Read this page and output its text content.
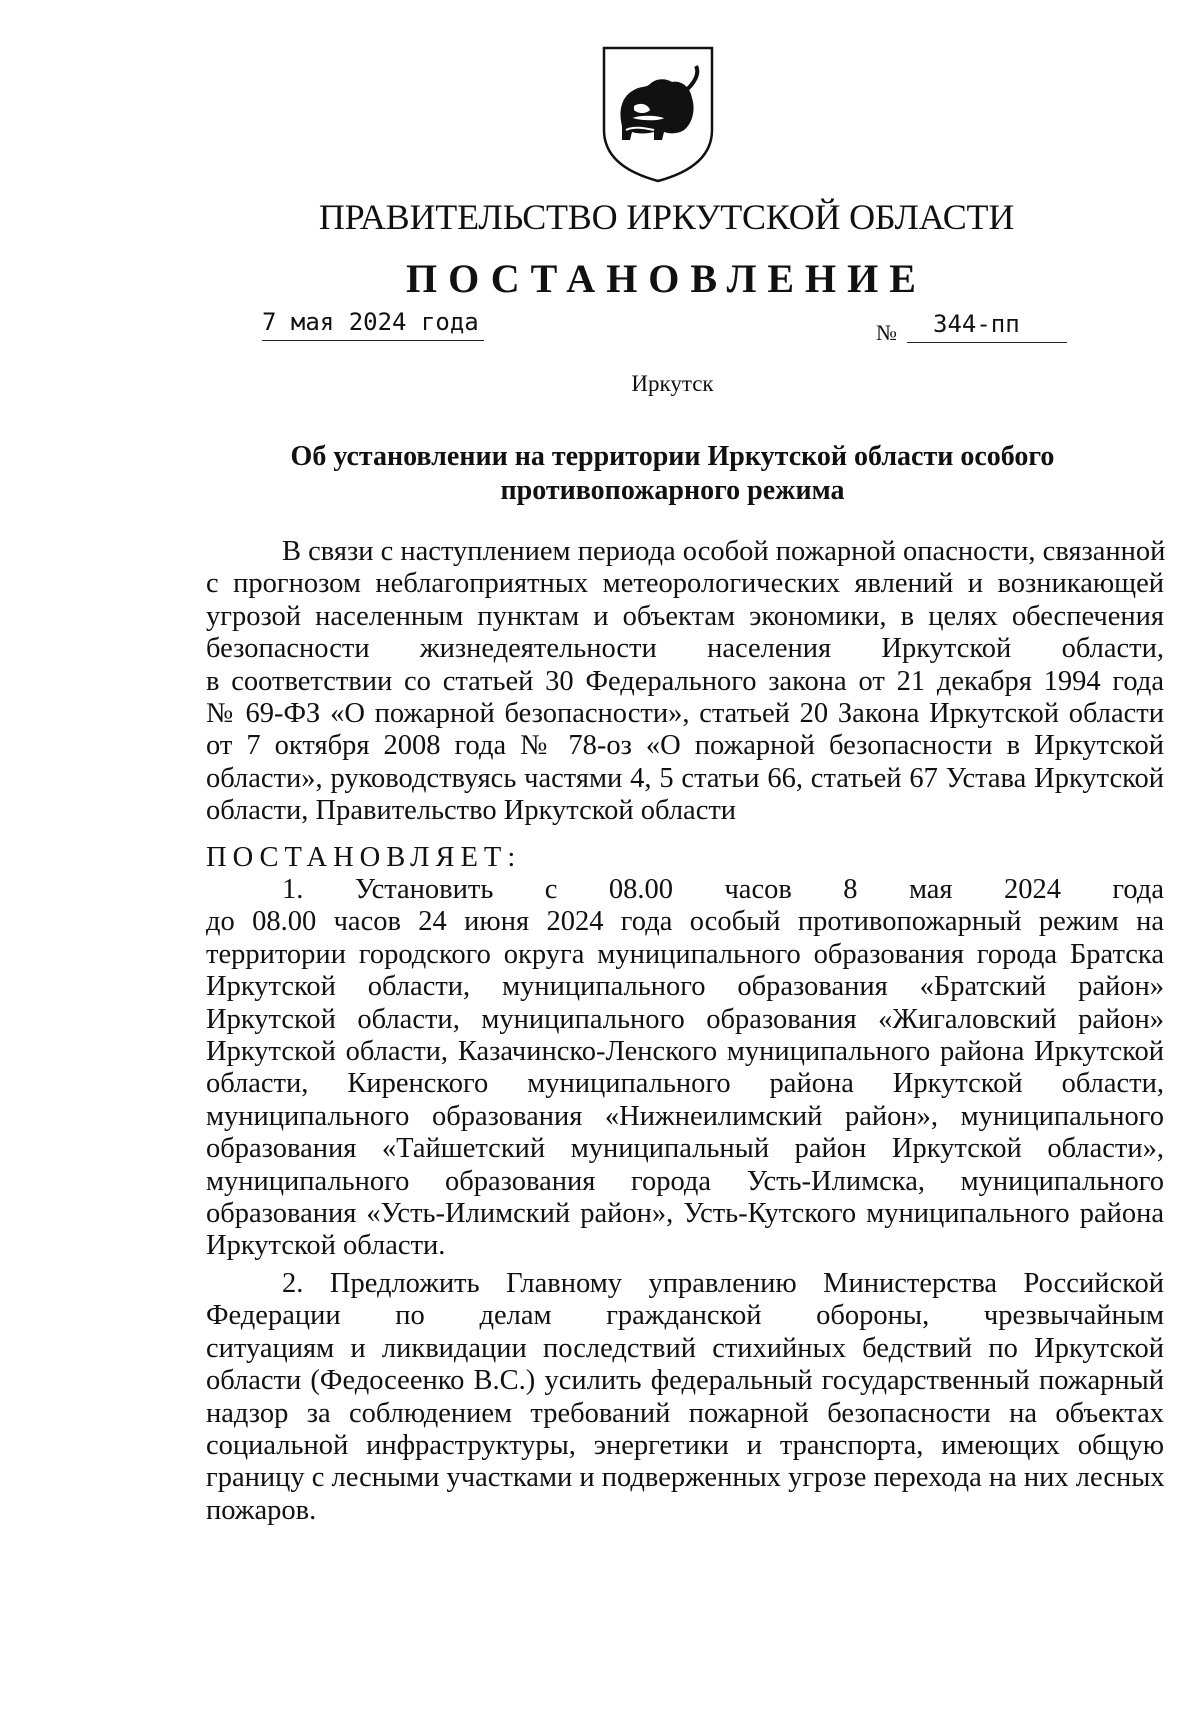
ПРАВИТЕЛЬСТВО ИРКУТСКОЙ ОБЛАСТИ
ПОСТАНОВЛЕНИЕ
7 мая 2024 года	№	344-пп
Иркутск
Об установлении на территории Иркутской области особого
противопожарного режима
В связи с наступлением периода особой пожарной опасности, связанной
с прогнозом неблагоприятных метеорологических явлений и возникающей
угрозой населенным пунктам и объектам экономики, в целях обеспечения
безопасности жизнедеятельности населения Иркутской области,
в соответствии со статьей 30 Федерального закона от 21 декабря 1994 года
№ 69-ФЗ «О пожарной безопасности», статьей 20 Закона Иркутской области
от 7 октября 2008 года № 78-оз «О пожарной безопасности в Иркутской
области», руководствуясь частями 4, 5 статьи 66, статьей 67 Устава Иркутской
области, Правительство Иркутской области
ПОСТАНОВЛЯЕТ:
1. Установить с 08.00 часов 8 мая 2024 года
до 08.00 часов 24 июня 2024 года особый противопожарный режим на
территории городского округа муниципального образования города Братска
Иркутской области, муниципального образования «Братский район»
Иркутской области, муниципального образования «Жигаловский район»
Иркутской области, Казачинско-Ленского муниципального района Иркутской
области, Киренского муниципального района Иркутской области,
муниципального образования «Нижнеилимский район», муниципального
образования «Тайшетский муниципальный район Иркутской области»,
муниципального образования города Усть-Илимска, муниципального
образования «Усть-Илимский район», Усть-Кутского муниципального района
Иркутской области.
2. Предложить Главному управлению Министерства Российской
Федерации по делам гражданской обороны, чрезвычайным
ситуациям и ликвидации последствий стихийных бедствий по Иркутской
области (Федосеенко В.С.) усилить федеральный государственный пожарный
надзор за соблюдением требований пожарной безопасности на объектах
социальной инфраструктуры, энергетики и транспорта, имеющих общую
границу с лесными участками и подверженных угрозе перехода на них лесных
пожаров.
